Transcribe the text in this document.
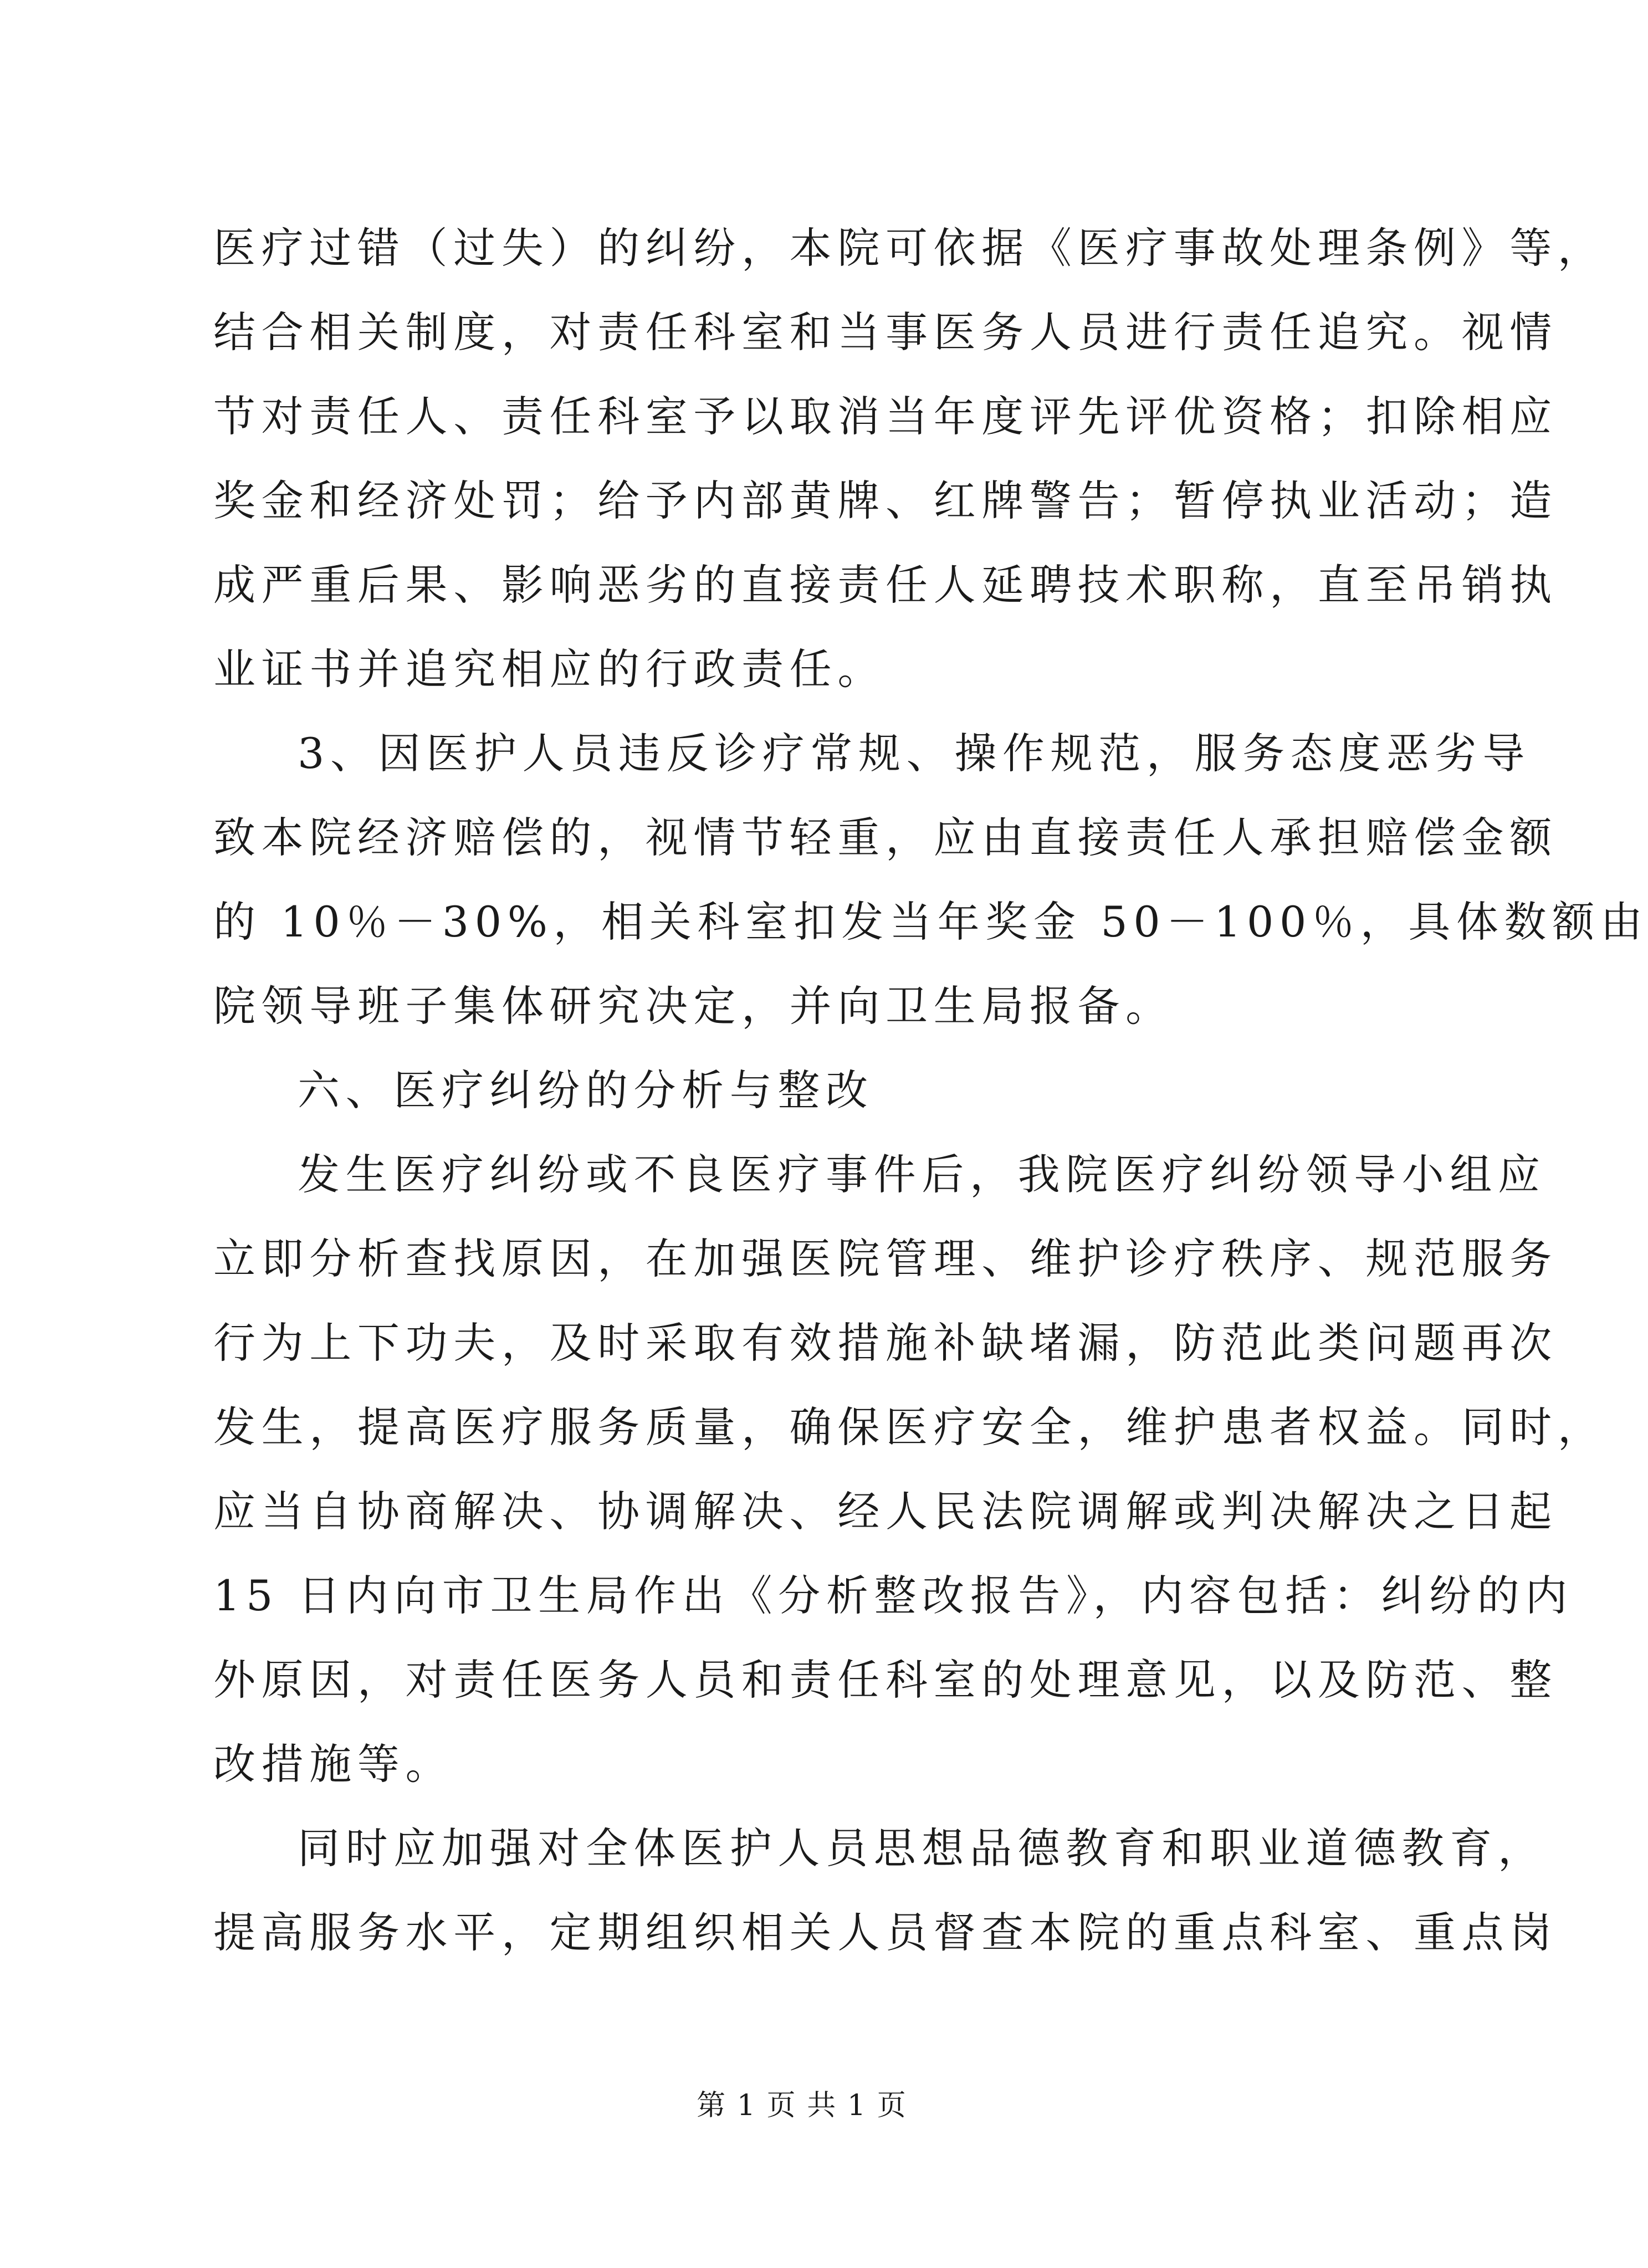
医疗过错（过失）的纠纷，本院可依据《医疗事故处理条例》等，
结合相关制度，对责任科室和当事医务人员进行责任追究。视情
节对责任人、责任科室予以取消当年度评先评优资格；扣除相应
奖金和经济处罚；给予内部黄牌、红牌警告；暂停执业活动；造
成严重后果、影响恶劣的直接责任人延聘技术职称，直至吊销执
业证书并追究相应的行政责任。
3、因医护人员违反诊疗常规、操作规范，服务态度恶劣导
致本院经济赔偿的，视情节轻重，应由直接责任人承担赔偿金额
的 10％－30%，相关科室扣发当年奖金 50－100％，具体数额由
院领导班子集体研究决定，并向卫生局报备。
六、医疗纠纷的分析与整改
发生医疗纠纷或不良医疗事件后，我院医疗纠纷领导小组应
立即分析查找原因，在加强医院管理、维护诊疗秩序、规范服务
行为上下功夫，及时采取有效措施补缺堵漏，防范此类问题再次
发生，提高医疗服务质量，确保医疗安全，维护患者权益。同时，
应当自协商解决、协调解决、经人民法院调解或判决解决之日起
15 日内向市卫生局作出《分析整改报告》，内容包括：纠纷的内
外原因，对责任医务人员和责任科室的处理意见，以及防范、整
改措施等。
同时应加强对全体医护人员思想品德教育和职业道德教育，
提高服务水平，定期组织相关人员督查本院的重点科室、重点岗
第 1 页 共 1 页
